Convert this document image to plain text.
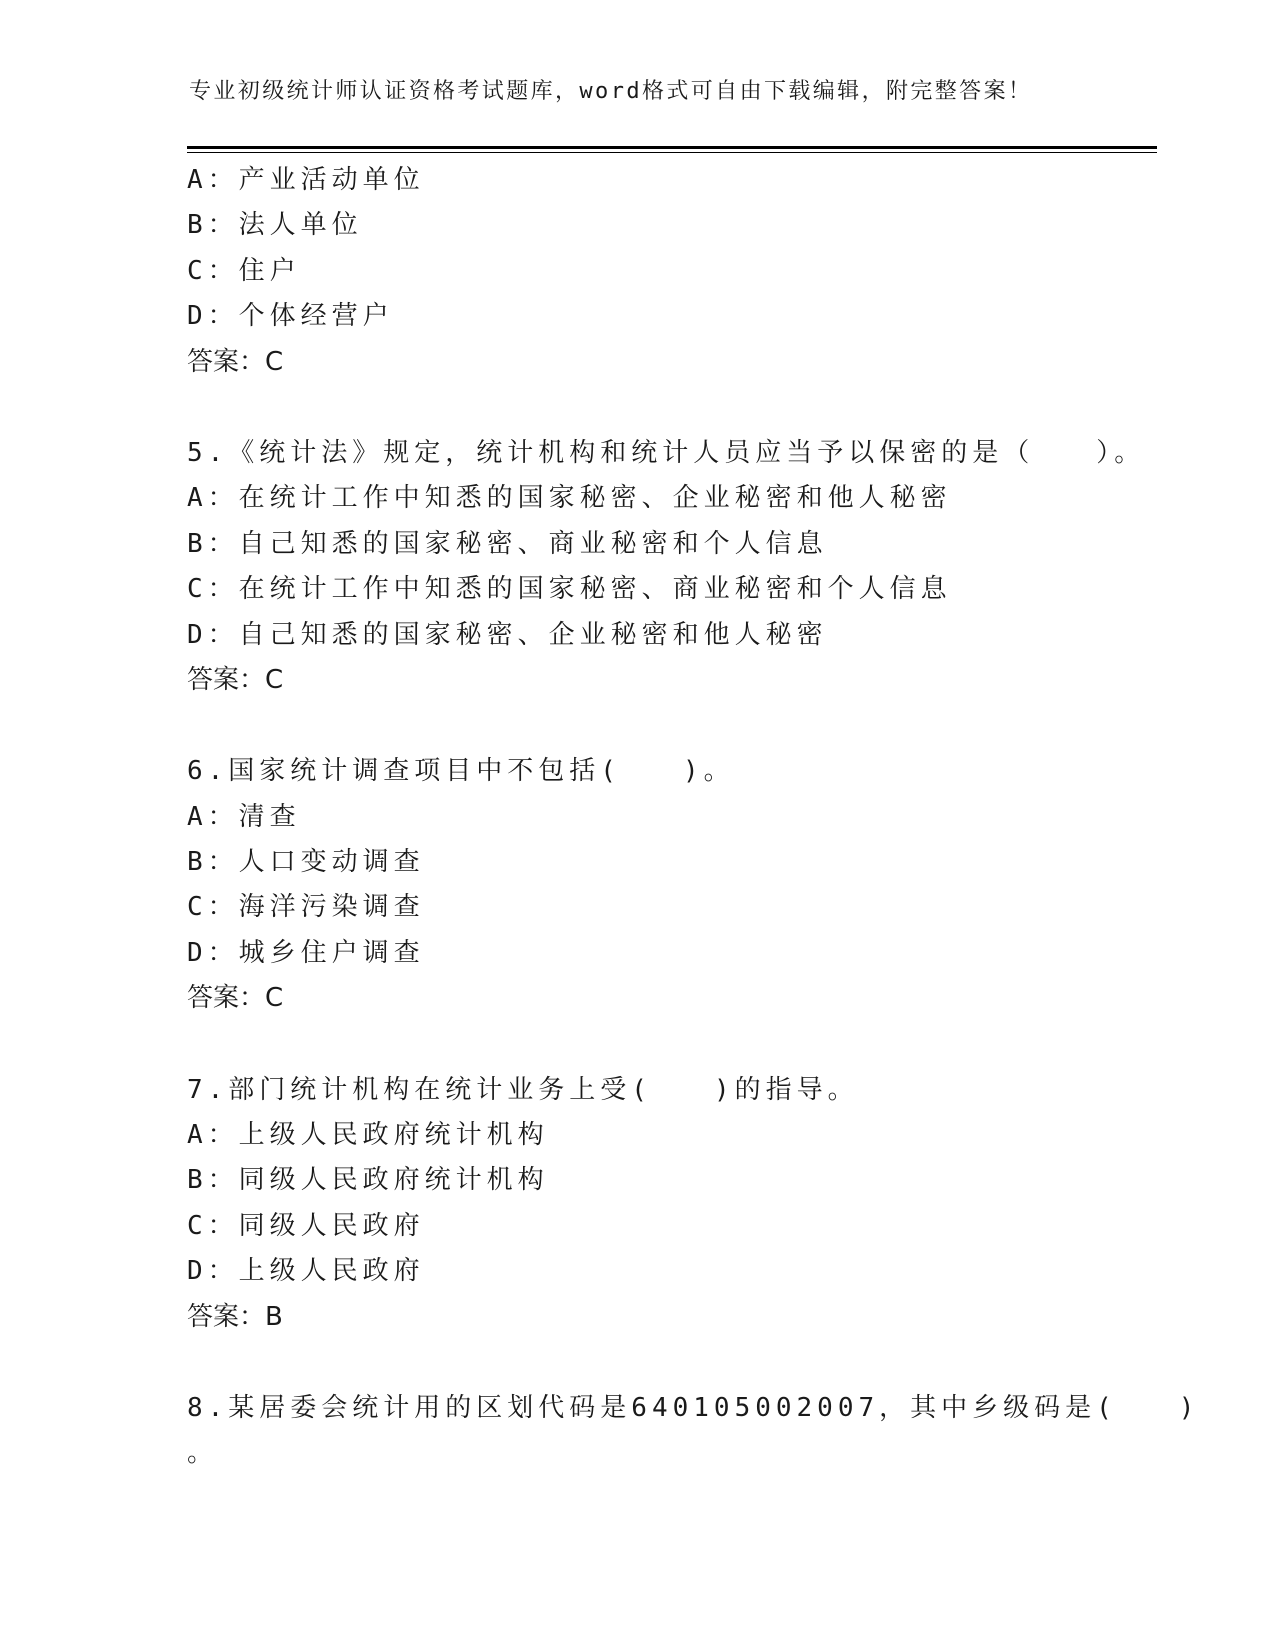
专业初级统计师认证资格考试题库，word格式可自由下载编辑，附完整答案！
A：产业活动单位
B：法人单位
C：住户
D：个体经营户
答案：C
5.《统计法》规定，统计机构和统计人员应当予以保密的是（　　）。
A：在统计工作中知悉的国家秘密、企业秘密和他人秘密
B：自己知悉的国家秘密、商业秘密和个人信息
C：在统计工作中知悉的国家秘密、商业秘密和个人信息
D：自己知悉的国家秘密、企业秘密和他人秘密
答案：C
6.国家统计调查项目中不包括(　　)。
A：清查
B：人口变动调查
C：海洋污染调查
D：城乡住户调查
答案：C
7.部门统计机构在统计业务上受(　　)的指导。
A：上级人民政府统计机构
B：同级人民政府统计机构
C：同级人民政府
D：上级人民政府
答案：B
8.某居委会统计用的区划代码是640105002007，其中乡级码是(　　)
。
